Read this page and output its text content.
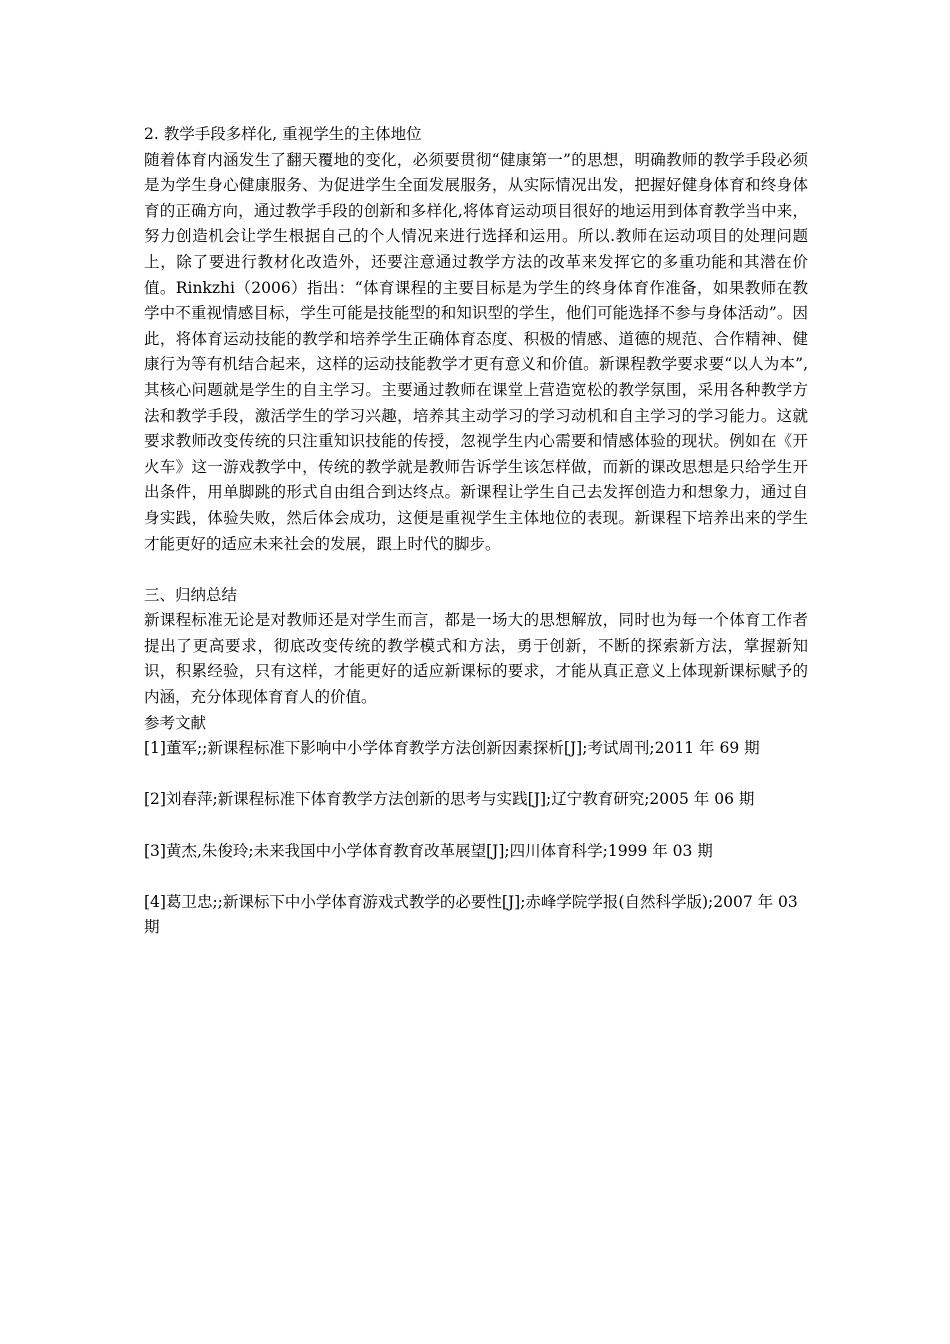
2. 教学手段多样化, 重视学生的主体地位

随着体育内涵发生了翻天覆地的变化，必须要贯彻“健康第一”的思想，明确教师的教学手段必须是为学生身心健康服务、为促进学生全面发展服务，从实际情况出发，把握好健身体育和终身体育的正确方向，通过教学手段的创新和多样化,将体育运动项目很好的地运用到体育教学当中来，努力创造机会让学生根据自己的个人情况来进行选择和运用。所以.教师在运动项目的处理问题上，除了要进行教材化改造外，还要注意通过教学方法的改革来发挥它的多重功能和其潜在价值。Rinkzhi（2006）指出：“体育课程的主要目标是为学生的终身体育作准备，如果教师在教学中不重视情感目标，学生可能是技能型的和知识型的学生，他们可能选择不参与身体活动”。因此，将体育运动技能的教学和培养学生正确体育态度、积极的情感、道德的规范、合作精神、健康行为等有机结合起来，这样的运动技能教学才更有意义和价值。新课程教学要求要“以人为本”,其核心问题就是学生的自主学习。主要通过教师在课堂上营造宽松的教学氛围，采用各种教学方法和教学手段，激活学生的学习兴趣，培养其主动学习的学习动机和自主学习的学习能力。这就要求教师改变传统的只注重知识技能的传授，忽视学生内心需要和情感体验的现状。例如在《开火车》这一游戏教学中，传统的教学就是教师告诉学生该怎样做，而新的课改思想是只给学生开出条件，用单脚跳的形式自由组合到达终点。新课程让学生自己去发挥创造力和想象力，通过自身实践，体验失败，然后体会成功，这便是重视学生主体地位的表现。新课程下培养出来的学生才能更好的适应未来社会的发展，跟上时代的脚步。

三、归纳总结

新课程标准无论是对教师还是对学生而言，都是一场大的思想解放，同时也为每一个体育工作者提出了更高要求，彻底改变传统的教学模式和方法，勇于创新，不断的探索新方法，掌握新知识，积累经验，只有这样，才能更好的适应新课标的要求，才能从真正意义上体现新课标赋予的内涵，充分体现体育育人的价值。

参考文献

[1]董军;;新课程标准下影响中小学体育教学方法创新因素探析[J];考试周刊;2011 年 69 期

[2]刘春萍;新课程标准下体育教学方法创新的思考与实践[J];辽宁教育研究;2005 年 06 期

[3]黄杰,朱俊玲;未来我国中小学体育教育改革展望[J];四川体育科学;1999 年 03 期

[4]葛卫忠;;新课标下中小学体育游戏式教学的必要性[J];赤峰学院学报(自然科学版);2007 年 03 期
